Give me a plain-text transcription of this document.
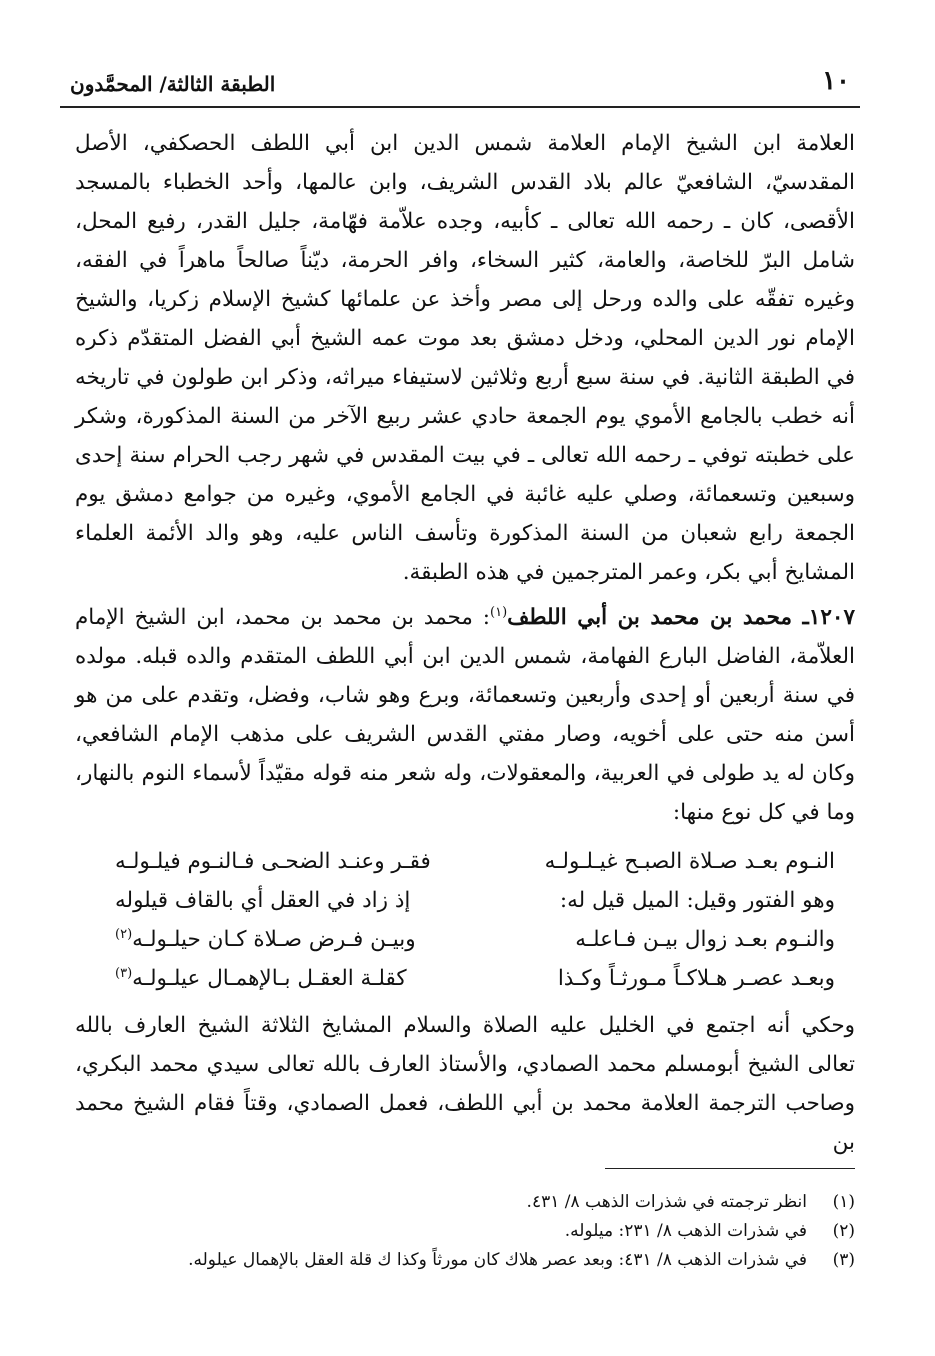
١٠
الطبقة الثالثة/ المحمَّدون

العلامة ابن الشيخ الإمام العلامة شمس الدين ابن أبي اللطف الحصكفي، الأصل المقدسيّ، الشافعيّ عالم بلاد القدس الشريف، وابن عالمها، وأحد الخطباء بالمسجد الأقصى، كان ـ رحمه الله تعالى ـ كأبيه، وجده علاّمة فهّامة، جليل القدر، رفيع المحل، شامل البرّ للخاصة، والعامة، كثير السخاء، وافر الحرمة، ديّناً صالحاً ماهراً في الفقه، وغيره تفقّه على والده ورحل إلى مصر وأخذ عن علمائها كشيخ الإسلام زكريا، والشيخ الإمام نور الدين المحلي، ودخل دمشق بعد موت عمه الشيخ أبي الفضل المتقدّم ذكره في الطبقة الثانية. في سنة سبع أربع وثلاثين لاستيفاء ميراثه، وذكر ابن طولون في تاريخه أنه خطب بالجامع الأموي يوم الجمعة حادي عشر ربيع الآخر من السنة المذكورة، وشكر على خطبته توفي ـ رحمه الله تعالى ـ في بيت المقدس في شهر رجب الحرام سنة إحدى وسبعين وتسعمائة، وصلي عليه غائبة في الجامع الأموي، وغيره من جوامع دمشق يوم الجمعة رابع شعبان من السنة المذكورة وتأسف الناس عليه، وهو والد الأئمة العلماء المشايخ أبي بكر، وعمر المترجمين في هذه الطبقة.

١٢٠٧ـ محمد بن محمد بن أبي اللطف$^{(١)}$: محمد بن محمد بن محمد، ابن الشيخ الإمام العلاّمة، الفاضل البارع الفهامة، شمس الدين ابن أبي اللطف المتقدم والده قبله. مولده في سنة أربعين أو إحدى وأربعين وتسعمائة، وبرع وهو شاب، وفضل، وتقدم على من هو أسن منه حتى على أخويه، وصار مفتي القدس الشريف على مذهب الإمام الشافعي، وكان له يد طولى في العربية، والمعقولات، وله شعر منه قوله مقيّداً لأسماء النوم بالنهار، وما في كل نوع منها:

النـوم بعـد صـلاة الصبـح غيـلـولـه
فقـر وعنـد الضحـى فـالنـوم فيلـولـه
وهو الفتور وقيل: الميل قيل له:
إذ زاد في العقل أي بالقاف قيلوله
والنـوم بعـد زوال بيـن فـاعلـه
وبيـن فـرض صـلاة كـان حيلـولـه$^{(٢)}$
وبعـد عصـر هـلاكـاً مـورثـاً وكـذا
كقلـة العقـل بـالإهمـال عيلـولـه$^{(٣)}$

وحكي أنه اجتمع في الخليل عليه الصلاة والسلام المشايخ الثلاثة الشيخ العارف بالله تعالى الشيخ أبومسلم محمد الصمادي، والأستاذ العارف بالله تعالى سيدي محمد البكري، وصاحب الترجمة العلامة محمد بن أبي اللطف، فعمل الصمادي، وقتاً فقام الشيخ محمد بن

(١)
انظر ترجمته في شذرات الذهب ٨/ ٤٣١.
(٢)
في شذرات الذهب ٨/ ٢٣١: ميلوله.
(٣)
في شذرات الذهب ٨/ ٤٣١: وبعد عصر هلاك كان مورثاً وكذا ك قلة العقل بالإهمال عيلوله.
